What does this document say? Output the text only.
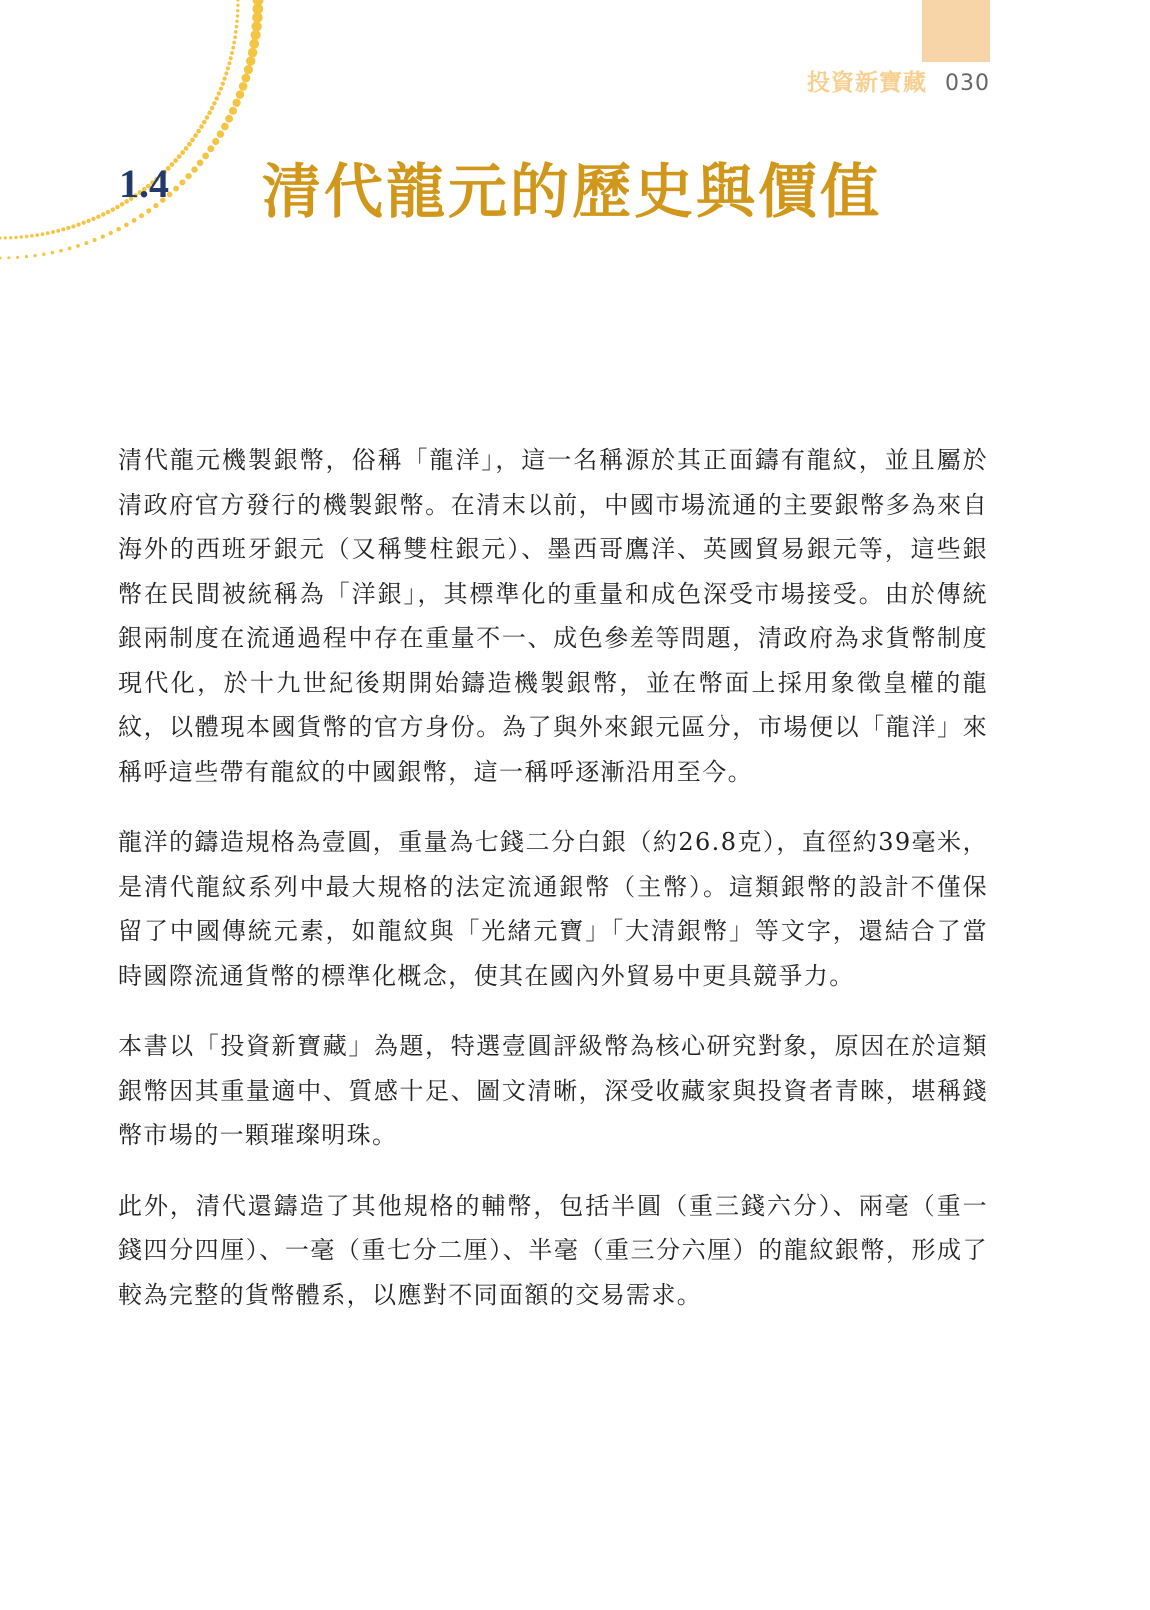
投資新寶藏 030
1.4 清代龍元的歷史與價值

清代龍元機製銀幣，俗稱「龍洋」，這一名稱源於其正面鑄有龍紋，並且屬於清政府官方發行的機製銀幣。在清末以前，中國市場流通的主要銀幣多為來自海外的西班牙銀元（又稱雙柱銀元）、墨西哥鷹洋、英國貿易銀元等，這些銀幣在民間被統稱為「洋銀」，其標準化的重量和成色深受市場接受。由於傳統銀兩制度在流通過程中存在重量不一、成色參差等問題，清政府為求貨幣制度現代化，於十九世紀後期開始鑄造機製銀幣，並在幣面上採用象徵皇權的龍紋，以體現本國貨幣的官方身份。為了與外來銀元區分，市場便以「龍洋」來稱呼這些帶有龍紋的中國銀幣，這一稱呼逐漸沿用至今。

龍洋的鑄造規格為壹圓，重量為七錢二分白銀（約26.8克），直徑約39毫米，是清代龍紋系列中最大規格的法定流通銀幣（主幣）。這類銀幣的設計不僅保留了中國傳統元素，如龍紋與「光緒元寶」「大清銀幣」等文字，還結合了當時國際流通貨幣的標準化概念，使其在國內外貿易中更具競爭力。

本書以「投資新寶藏」為題，特選壹圓評級幣為核心研究對象，原因在於這類銀幣因其重量適中、質感十足、圖文清晰，深受收藏家與投資者青睞，堪稱錢幣市場的一顆璀璨明珠。

此外，清代還鑄造了其他規格的輔幣，包括半圓（重三錢六分）、兩毫（重一錢四分四厘）、一毫（重七分二厘）、半毫（重三分六厘）的龍紋銀幣，形成了較為完整的貨幣體系，以應對不同面額的交易需求。
